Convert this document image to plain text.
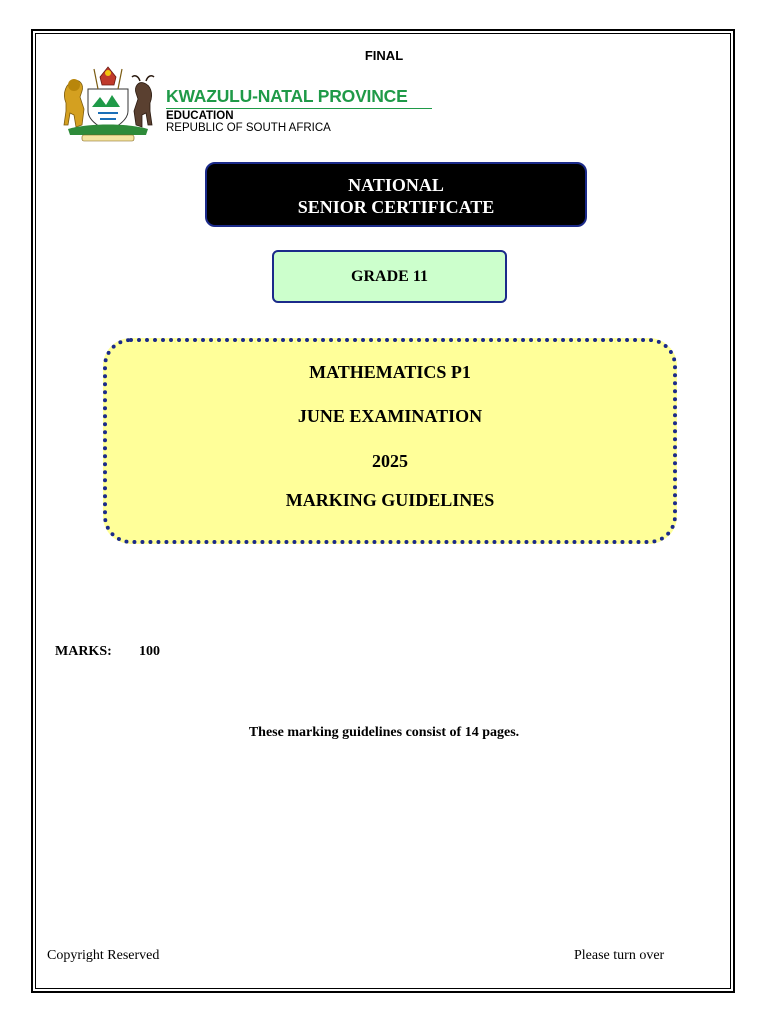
FINAL
KWAZULU-NATAL PROVINCE
EDUCATION
REPUBLIC OF SOUTH AFRICA
NATIONAL
SENIOR CERTIFICATE
GRADE 11
MATHEMATICS P1
JUNE EXAMINATION
2025
MARKING GUIDELINES
MARKS: 100
These marking guidelines consist of 14 pages.
Copyright Reserved	Please turn over
